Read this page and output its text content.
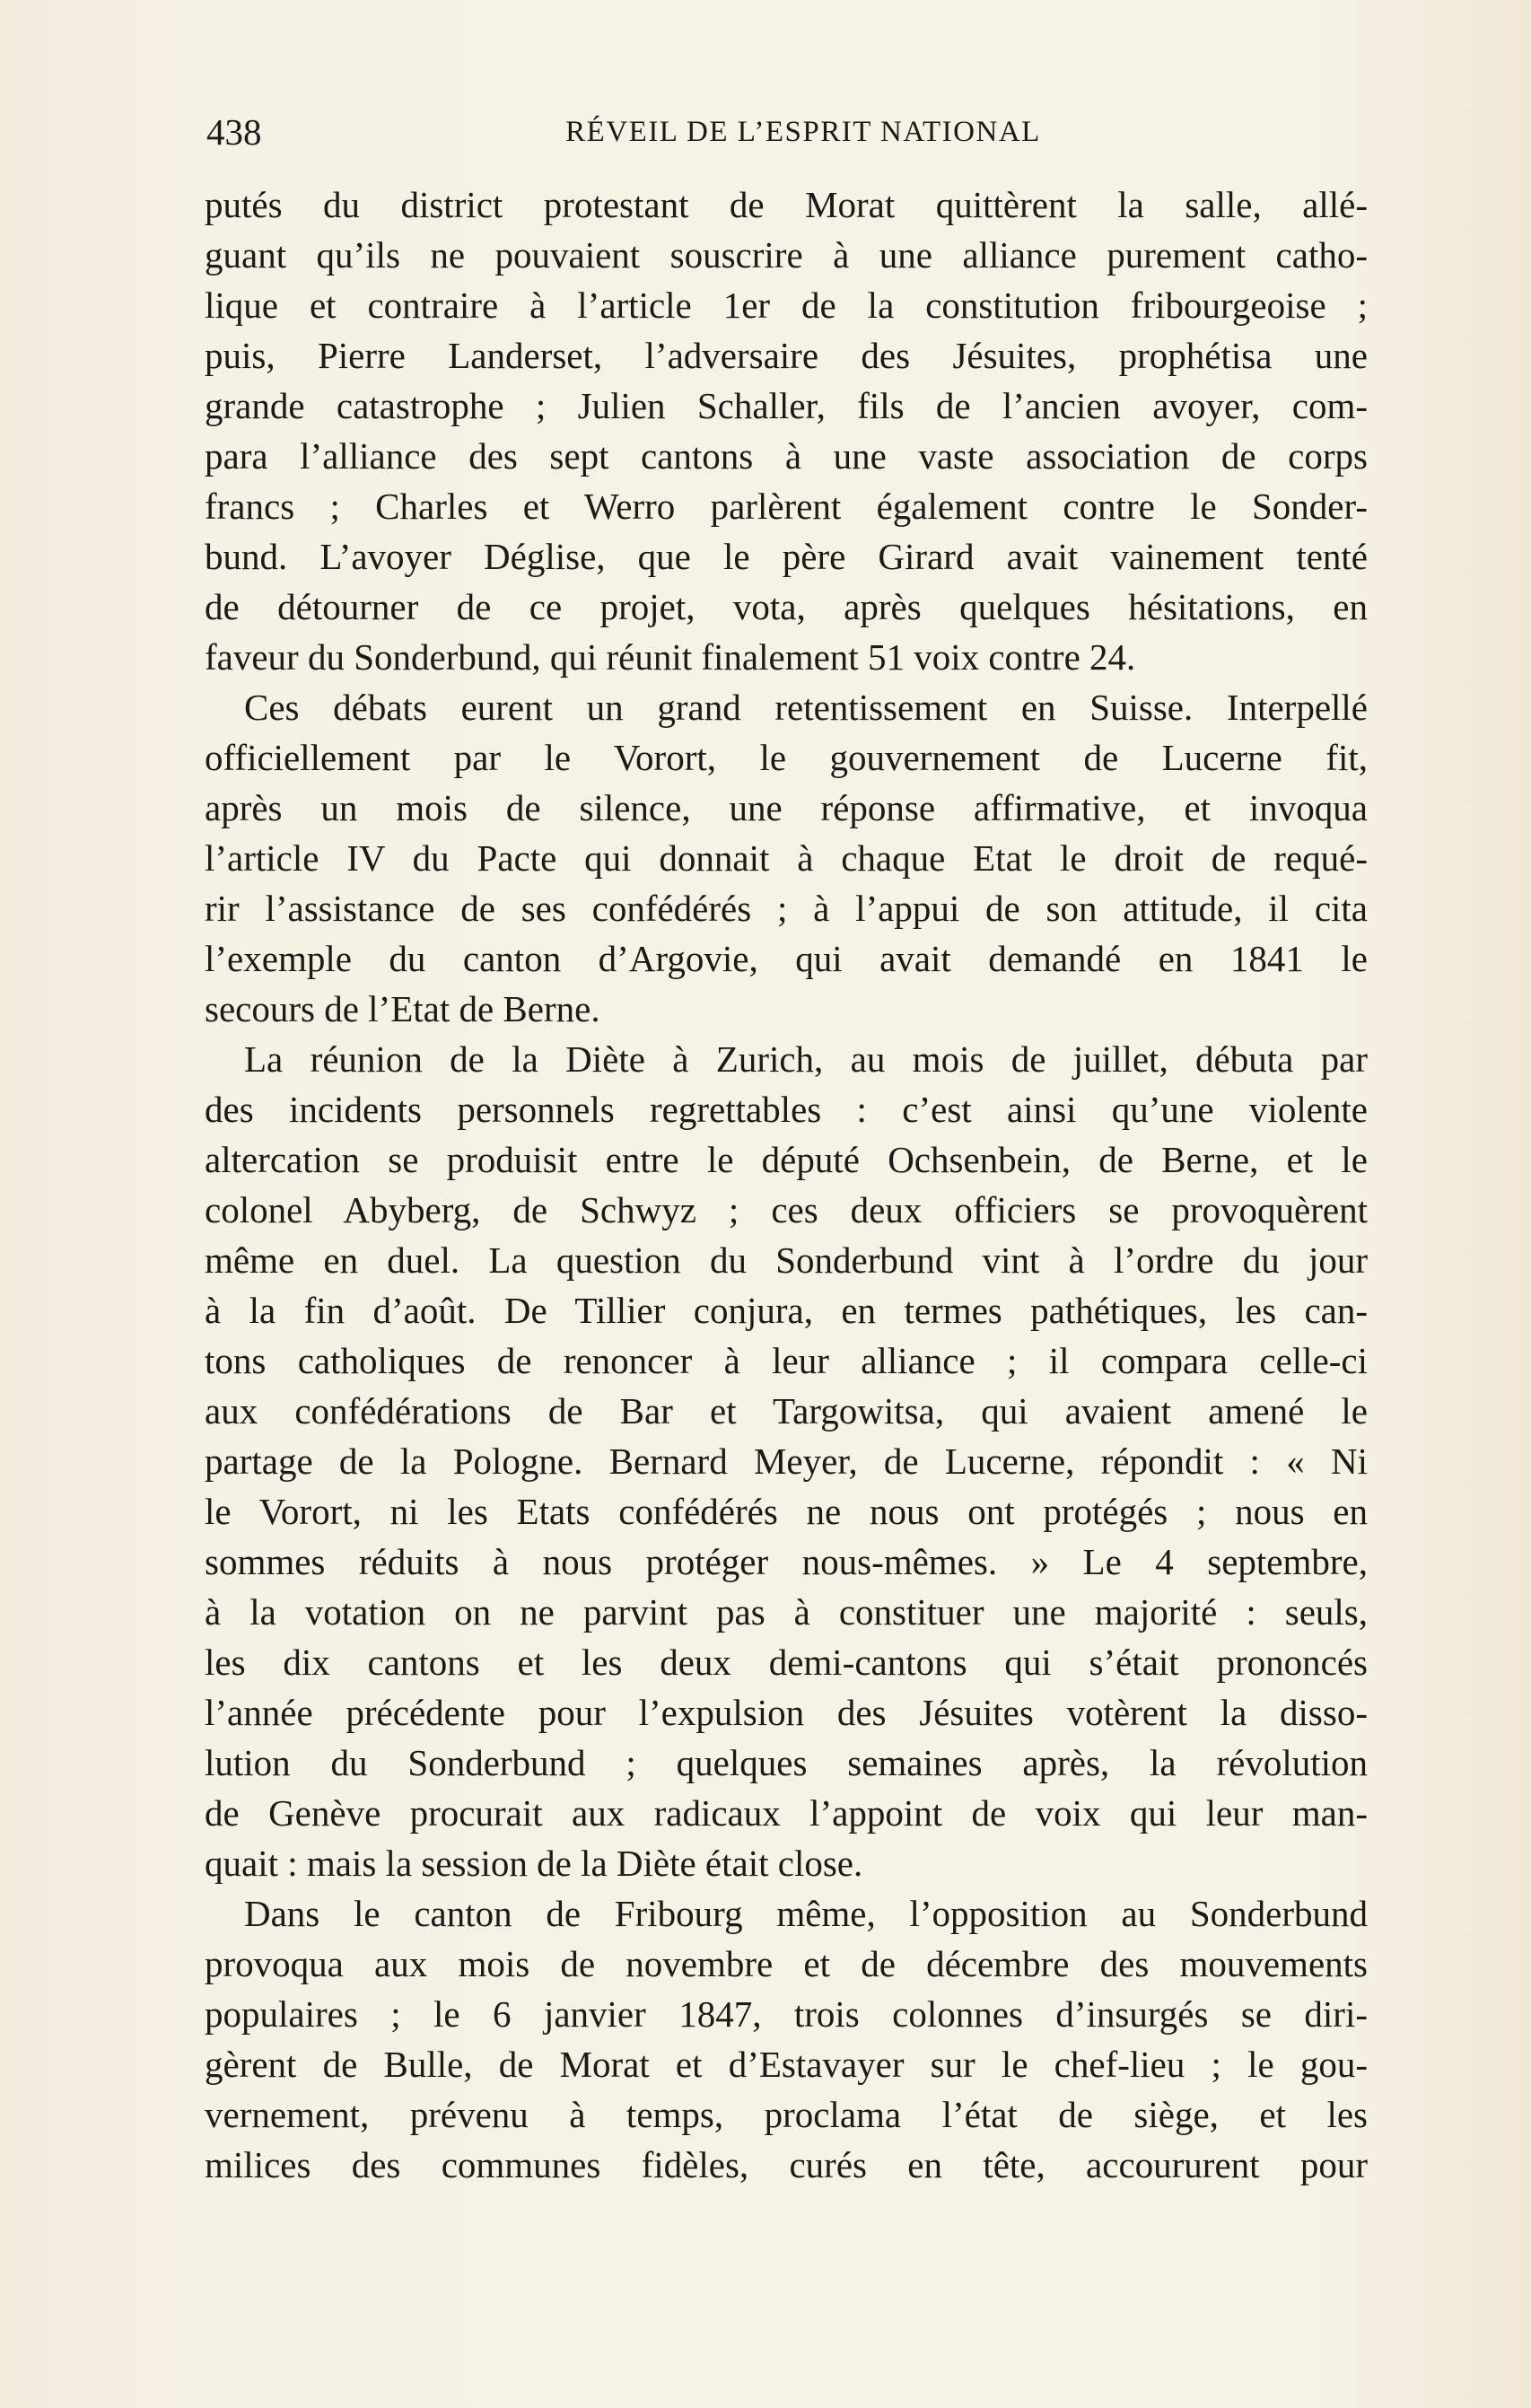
438	RÉVEIL DE L’ESPRIT NATIONAL
putés du district protestant de Morat quittèrent la salle, allé-
guant qu’ils ne pouvaient souscrire à une alliance purement catho-
lique et contraire à l’article 1er de la constitution fribourgeoise ;
puis, Pierre Landerset, l’adversaire des Jésuites, prophétisa une
grande catastrophe ; Julien Schaller, fils de l’ancien avoyer, com-
para l’alliance des sept cantons à une vaste association de corps
francs ; Charles et Werro parlèrent également contre le Sonder-
bund. L’avoyer Déglise, que le père Girard avait vainement tenté
de détourner de ce projet, vota, après quelques hésitations, en
faveur du Sonderbund, qui réunit finalement 51 voix contre 24.
Ces débats eurent un grand retentissement en Suisse. Interpellé
officiellement par le Vorort, le gouvernement de Lucerne fit,
après un mois de silence, une réponse affirmative, et invoqua
l’article IV du Pacte qui donnait à chaque Etat le droit de requé-
rir l’assistance de ses confédérés ; à l’appui de son attitude, il cita
l’exemple du canton d’Argovie, qui avait demandé en 1841 le
secours de l’Etat de Berne.
La réunion de la Diète à Zurich, au mois de juillet, débuta par
des incidents personnels regrettables : c’est ainsi qu’une violente
altercation se produisit entre le député Ochsenbein, de Berne, et le
colonel Abyberg, de Schwyz ; ces deux officiers se provoquèrent
même en duel. La question du Sonderbund vint à l’ordre du jour
à la fin d’août. De Tillier conjura, en termes pathétiques, les can-
tons catholiques de renoncer à leur alliance ; il compara celle-ci
aux confédérations de Bar et Targowitsa, qui avaient amené le
partage de la Pologne. Bernard Meyer, de Lucerne, répondit : « Ni
le Vorort, ni les Etats confédérés ne nous ont protégés ; nous en
sommes réduits à nous protéger nous-mêmes. » Le 4 septembre,
à la votation on ne parvint pas à constituer une majorité : seuls,
les dix cantons et les deux demi-cantons qui s’était prononcés
l’année précédente pour l’expulsion des Jésuites votèrent la disso-
lution du Sonderbund ; quelques semaines après, la révolution
de Genève procurait aux radicaux l’appoint de voix qui leur man-
quait : mais la session de la Diète était close.
Dans le canton de Fribourg même, l’opposition au Sonderbund
provoqua aux mois de novembre et de décembre des mouvements
populaires ; le 6 janvier 1847, trois colonnes d’insurgés se diri-
gèrent de Bulle, de Morat et d’Estavayer sur le chef-lieu ; le gou-
vernement, prévenu à temps, proclama l’état de siège, et les
milices des communes fidèles, curés en tête, accoururent pour
